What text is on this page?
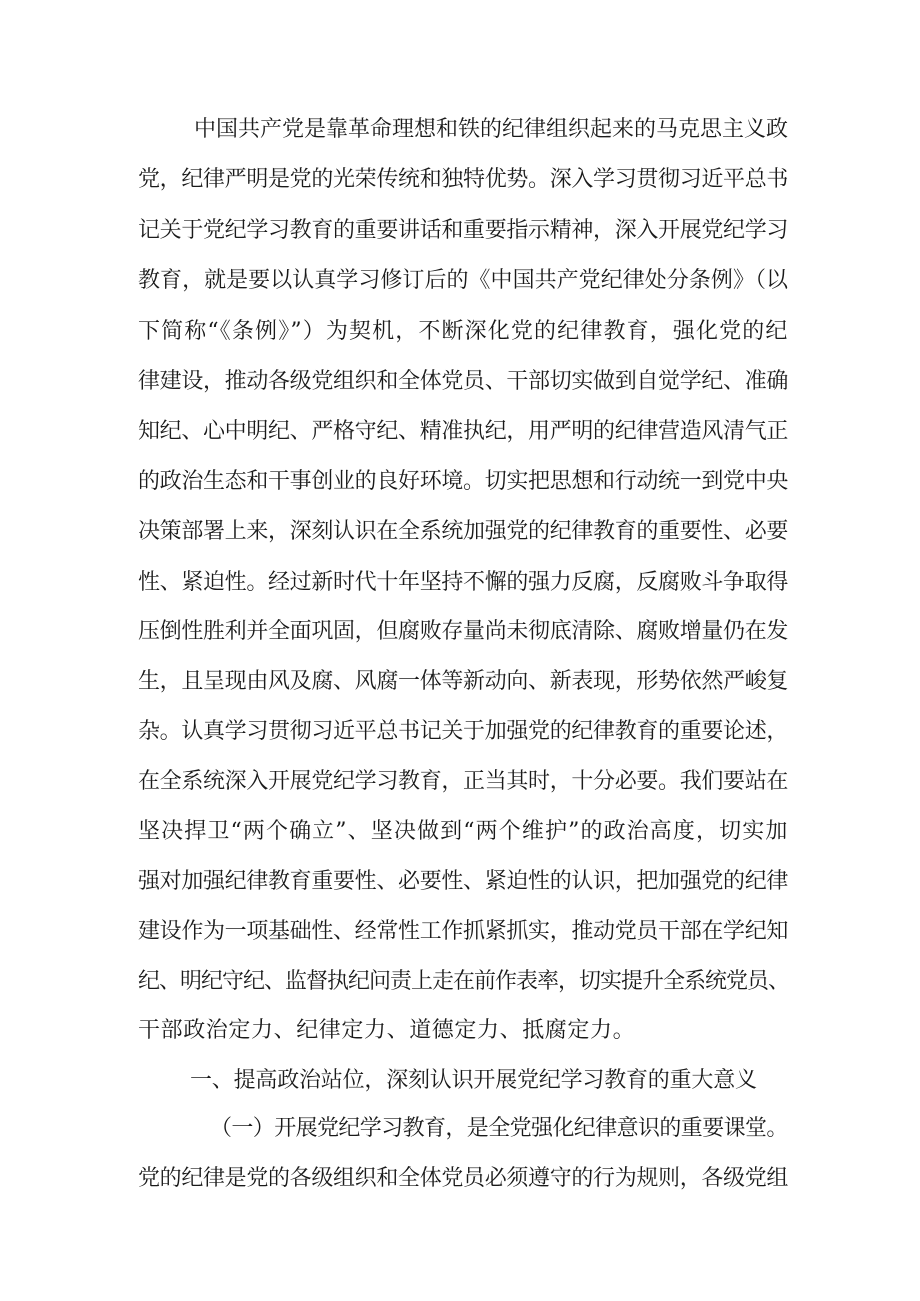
中国共产党是靠革命理想和铁的纪律组织起来的马克思主义政
党，纪律严明是党的光荣传统和独特优势。深入学习贯彻习近平总书
记关于党纪学习教育的重要讲话和重要指示精神，深入开展党纪学习
教育，就是要以认真学习修订后的《中国共产党纪律处分条例》（以
下简称“《条例》”）为契机，不断深化党的纪律教育，强化党的纪
律建设，推动各级党组织和全体党员、干部切实做到自觉学纪、准确
知纪、心中明纪、严格守纪、精准执纪，用严明的纪律营造风清气正
的政治生态和干事创业的良好环境。切实把思想和行动统一到党中央
决策部署上来，深刻认识在全系统加强党的纪律教育的重要性、必要
性、紧迫性。经过新时代十年坚持不懈的强力反腐，反腐败斗争取得
压倒性胜利并全面巩固，但腐败存量尚未彻底清除、腐败增量仍在发
生，且呈现由风及腐、风腐一体等新动向、新表现，形势依然严峻复
杂。认真学习贯彻习近平总书记关于加强党的纪律教育的重要论述，
在全系统深入开展党纪学习教育，正当其时，十分必要。我们要站在
坚决捍卫“两个确立”、坚决做到“两个维护”的政治高度，切实加
强对加强纪律教育重要性、必要性、紧迫性的认识，把加强党的纪律
建设作为一项基础性、经常性工作抓紧抓实，推动党员干部在学纪知
纪、明纪守纪、监督执纪问责上走在前作表率，切实提升全系统党员、
干部政治定力、纪律定力、道德定力、抵腐定力。
一、提高政治站位，深刻认识开展党纪学习教育的重大意义
（一）开展党纪学习教育，是全党强化纪律意识的重要课堂。
党的纪律是党的各级组织和全体党员必须遵守的行为规则，各级党组
